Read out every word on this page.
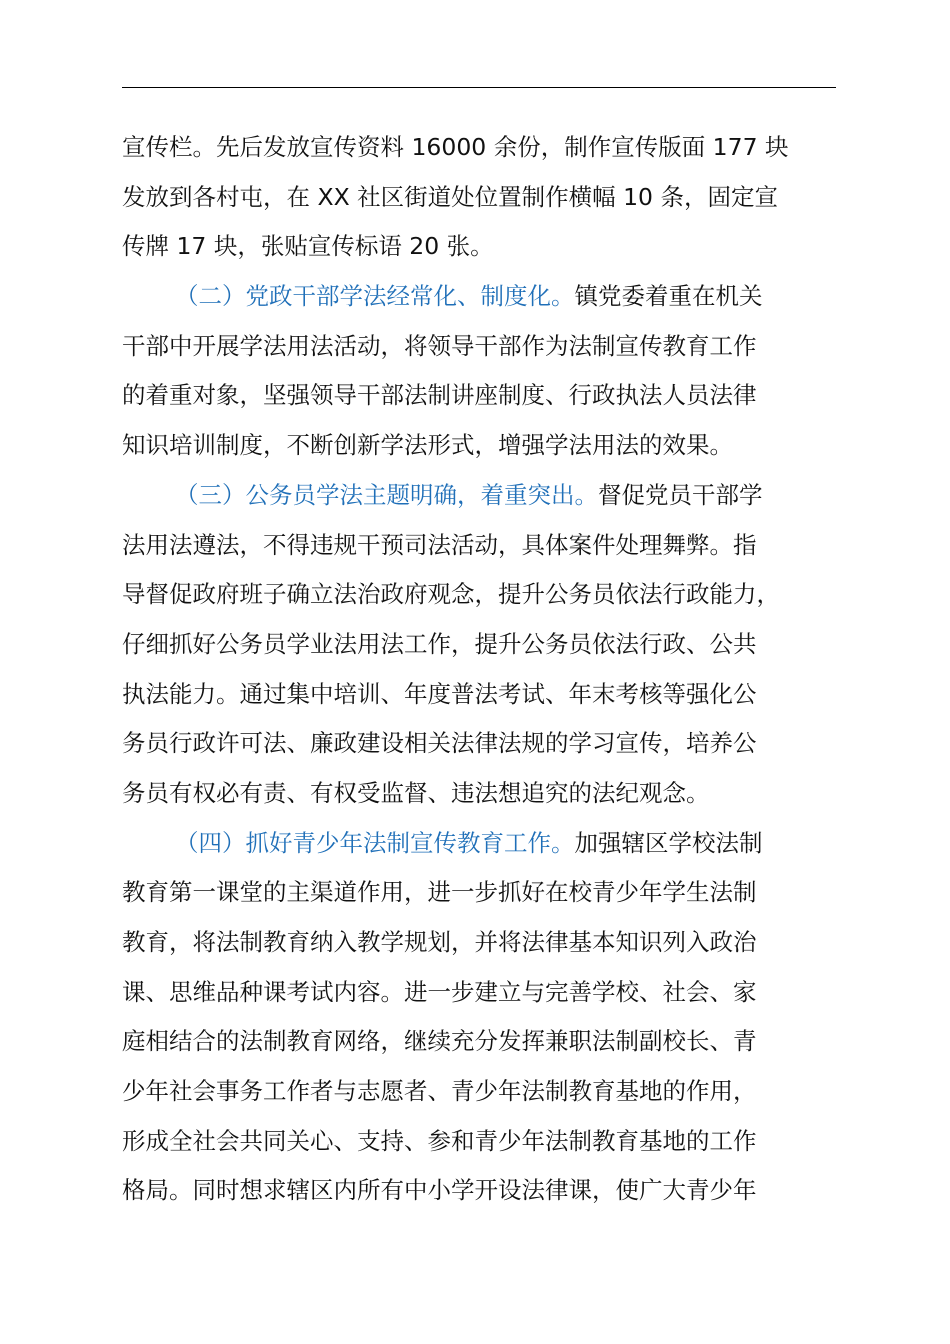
宣传栏。先后发放宣传资料 16000 余份，制作宣传版面 177 块
发放到各村屯，在 XX 社区街道处位置制作横幅 10 条，固定宣
传牌 17 块，张贴宣传标语 20 张。
（二）党政干部学法经常化、制度化。镇党委着重在机关
干部中开展学法用法活动，将领导干部作为法制宣传教育工作
的着重对象，坚强领导干部法制讲座制度、行政执法人员法律
知识培训制度，不断创新学法形式，增强学法用法的效果。
（三）公务员学法主题明确，着重突出。督促党员干部学
法用法遵法，不得违规干预司法活动，具体案件处理舞弊。指
导督促政府班子确立法治政府观念，提升公务员依法行政能力，
仔细抓好公务员学业法用法工作，提升公务员依法行政、公共
执法能力。通过集中培训、年度普法考试、年末考核等强化公
务员行政许可法、廉政建设相关法律法规的学习宣传，培养公
务员有权必有责、有权受监督、违法想追究的法纪观念。
（四）抓好青少年法制宣传教育工作。加强辖区学校法制
教育第一课堂的主渠道作用，进一步抓好在校青少年学生法制
教育，将法制教育纳入教学规划，并将法律基本知识列入政治
课、思维品种课考试内容。进一步建立与完善学校、社会、家
庭相结合的法制教育网络，继续充分发挥兼职法制副校长、青
少年社会事务工作者与志愿者、青少年法制教育基地的作用，
形成全社会共同关心、支持、参和青少年法制教育基地的工作
格局。同时想求辖区内所有中小学开设法律课，使广大青少年
